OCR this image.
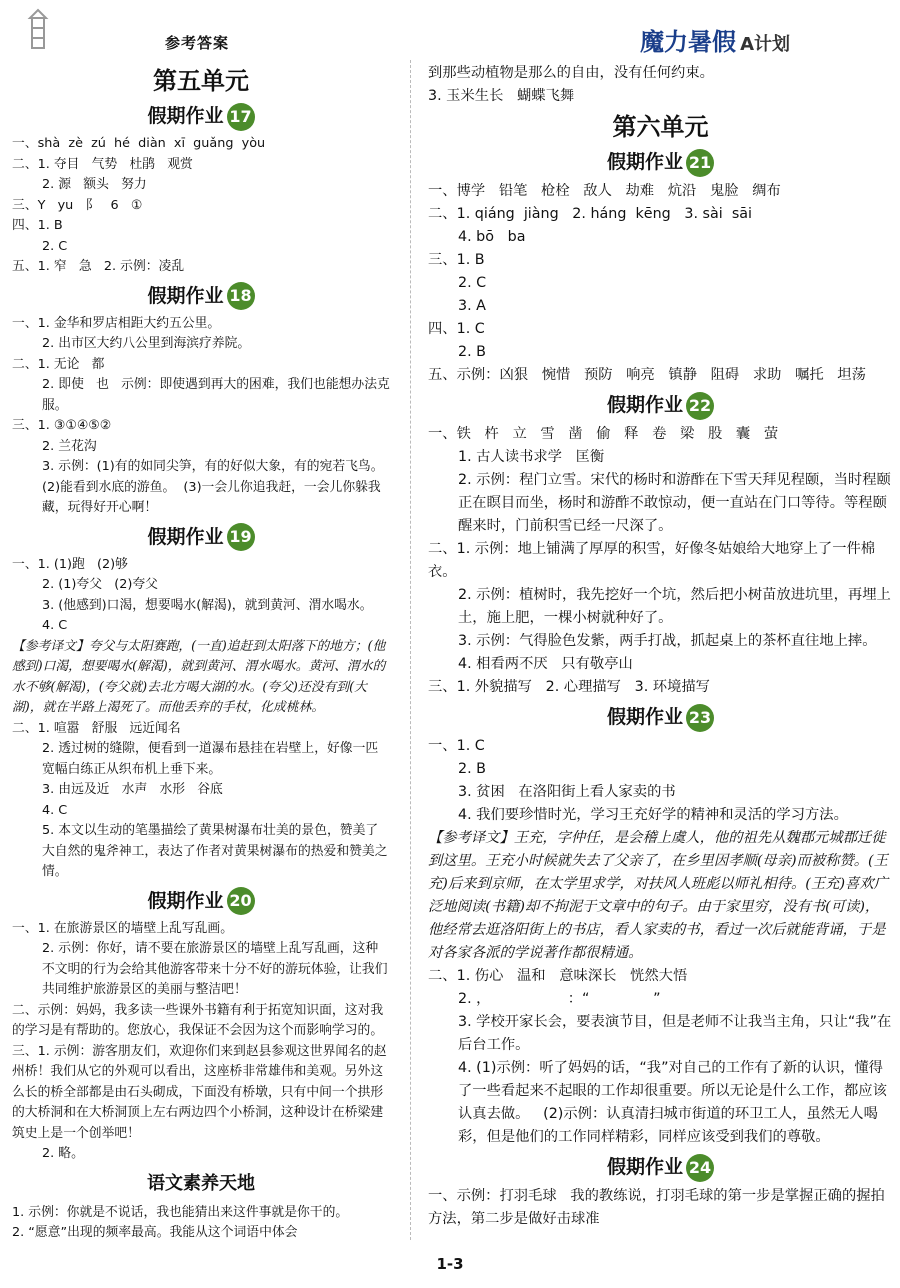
参考答案	魔力暑假 A计划
第五单元
假期作业 17
一、shà  zè  zú  hé  diàn  xī  guǎng  yòu
二、1. 夺目   气势   杜鹃   观赏
2. 源   额头   努力
三、Y   yu   阝   6   ①
四、1. B
2. C
五、1. 窄   急   2. 示例：凌乱
假期作业 18
一、1. 金华和罗店相距大约五公里。
2. 出市区大约八公里到海滨疗养院。
二、1. 无论   都
2. 即使   也   示例：即使遇到再大的困难，我们也能想办法克服。
三、1. ③①④⑤②
2. 兰花沟
3. 示例：(1)有的如同尖笋，有的好似大象，有的宛若飞鸟。  (2)能看到水底的游鱼。  (3)一会儿你追我赶，一会儿你躲我藏，玩得好开心啊！
假期作业 19
一、1. (1)跑   (2)够
2. (1)夸父   (2)夸父
3. (他感到)口渴，想要喝水(解渴)，就到黄河、渭水喝水。
4. C
【参考译文】夸父与太阳赛跑，(一直)追赶到太阳落下的地方；(他感到)口渴，想要喝水(解渴)，就到黄河、渭水喝水。黄河、渭水的水不够(解渴)，(夸父就)去北方喝大湖的水。(夸父)还没有到(大湖)，就在半路上渴死了。而他丢弃的手杖，化成桃林。
二、1. 喧嚣   舒服   远近闻名
2. 透过树的缝隙，便看到一道瀑布悬挂在岩壁上，好像一匹宽幅白练正从织布机上垂下来。
3. 由远及近   水声   水形   谷底
4. C
5. 本文以生动的笔墨描绘了黄果树瀑布壮美的景色，赞美了大自然的鬼斧神工，表达了作者对黄果树瀑布的热爱和赞美之情。
假期作业 20
一、1. 在旅游景区的墙壁上乱写乱画。
2. 示例：你好，请不要在旅游景区的墙壁上乱写乱画，这种不文明的行为会给其他游客带来十分不好的游玩体验，让我们共同维护旅游景区的美丽与整洁吧！
二、示例：妈妈，我多读一些课外书籍有利于拓宽知识面，这对我的学习是有帮助的。您放心，我保证不会因为这个而影响学习的。
三、1. 示例：游客朋友们，欢迎你们来到赵县参观这世界闻名的赵州桥！我们从它的外观可以看出，这座桥非常雄伟和美观。另外这么长的桥全部都是由石头砌成，下面没有桥墩，只有中间一个拱形的大桥洞和在大桥洞顶上左右两边四个小桥洞，这种设计在桥梁建筑史上是一个创举吧！
2. 略。
语文素养天地
1. 示例：你就是不说话，我也能猜出来这件事就是你干的。
2. “愿意”出现的频率最高。我能从这个词语中体会
到那些动植物是那么的自由，没有任何约束。
3. 玉米生长   蝴蝶飞舞
第六单元
假期作业 21
一、博学   铅笔   枪栓   敌人   劫难   炕沿   鬼脸   绸布
二、1. qiáng  jiàng   2. háng  kēng   3. sài  sāi
4. bō   ba
三、1. B
2. C
3. A
四、1. C
2. B
五、示例：凶狠   惋惜   预防   响亮   镇静   阻碍   求助   嘱托   坦荡
假期作业 22
一、铁   杵   立   雪   凿   偷   释   卷   梁   股   囊   萤
1. 古人读书求学   匡衡
2. 示例：程门立雪。宋代的杨时和游酢在下雪天拜见程颐，当时程颐正在瞑目而坐，杨时和游酢不敢惊动，便一直站在门口等待。等程颐醒来时，门前积雪已经一尺深了。
二、1. 示例：地上铺满了厚厚的积雪，好像冬姑娘给大地穿上了一件棉衣。
2. 示例：植树时，我先挖好一个坑，然后把小树苗放进坑里，再埋上土，施上肥，一棵小树就种好了。
3. 示例：气得脸色发紫，两手打战，抓起桌上的茶杯直往地上摔。
4. 相看两不厌   只有敬亭山
三、1. 外貌描写   2. 心理描写   3. 环境描写
假期作业 23
一、1. C
2. B
3. 贫困   在洛阳街上看人家卖的书
4. 我们要珍惜时光，学习王充好学的精神和灵活的学习方法。
【参考译文】王充，字仲任，是会稽上虞人，他的祖先从魏郡元城郡迁徙到这里。王充小时候就失去了父亲了，在乡里因孝顺(母亲)而被称赞。(王充)后来到京师，在太学里求学，对扶风人班彪以师礼相待。(王充)喜欢广泛地阅读(书籍)却不拘泥于文章中的句子。由于家里穷，没有书(可读)，他经常去逛洛阳街上的书店，看人家卖的书，看过一次后就能背诵，于是对各家各派的学说著作都很精通。
二、1. 伤心   温和   意味深长   恍然大悟
2. ，                 ：“              ”
3. 学校开家长会，要表演节目，但是老师不让我当主角，只让“我”在后台工作。
4. (1)示例：听了妈妈的话，“我”对自己的工作有了新的认识，懂得了一些看起来不起眼的工作却很重要。所以无论是什么工作，都应该认真去做。   (2)示例：认真清扫城市街道的环卫工人，虽然无人喝彩，但是他们的工作同样精彩，同样应该受到我们的尊敬。
假期作业 24
一、示例：打羽毛球   我的教练说，打羽毛球的第一步是掌握正确的握拍方法，第二步是做好击球准
1-3
